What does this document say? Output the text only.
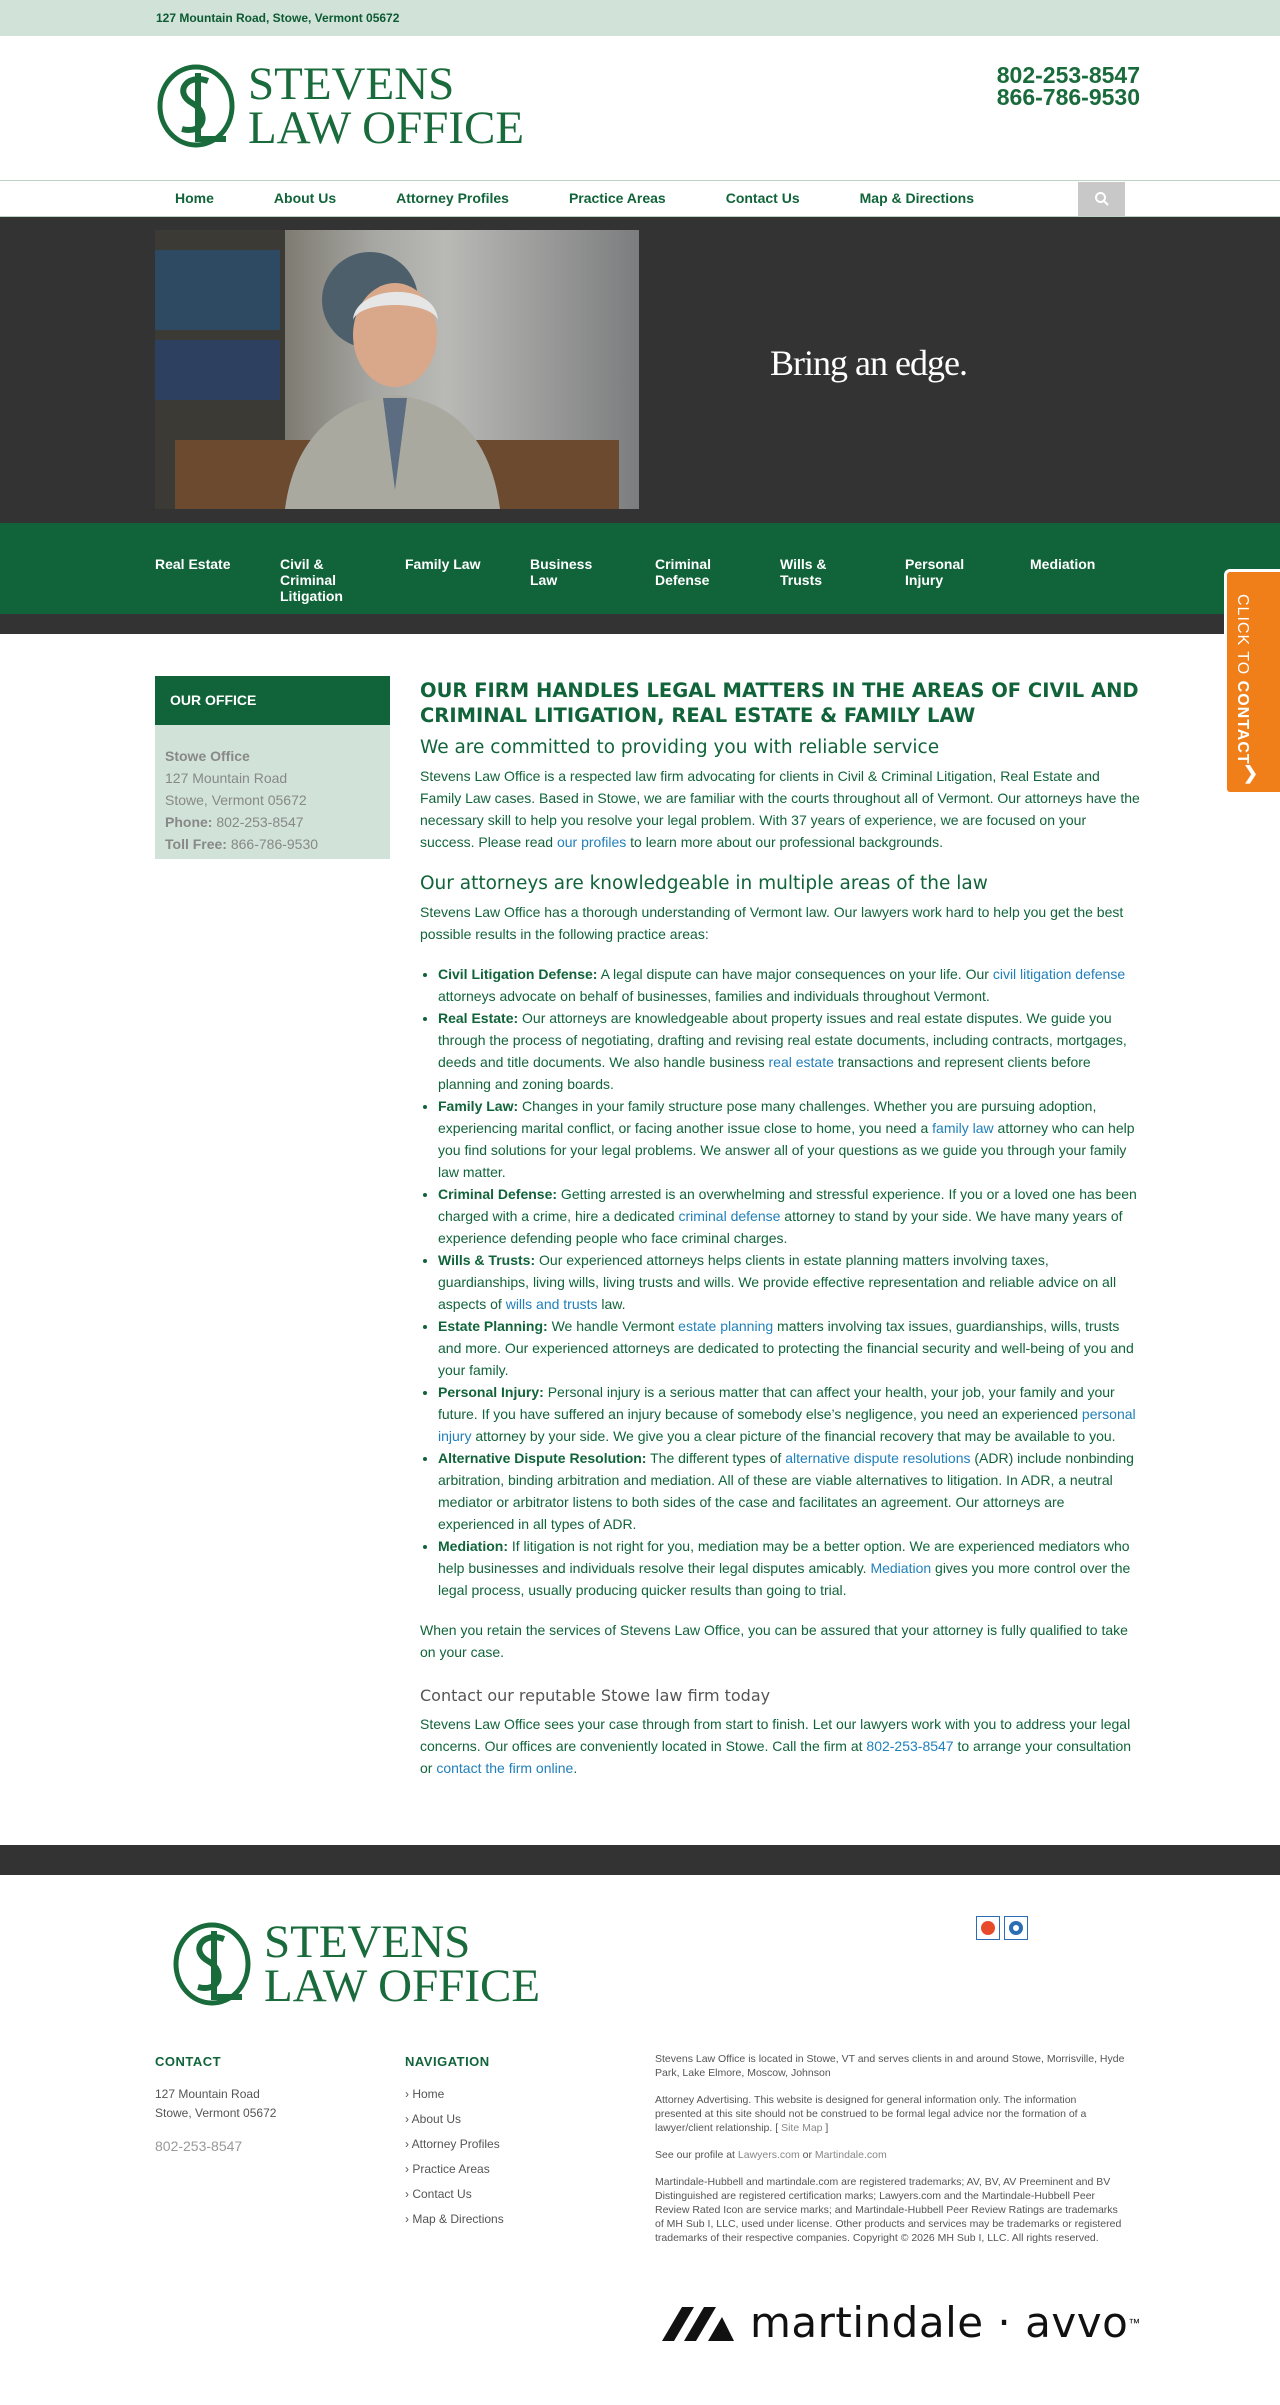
127 Mountain Road, Stowe, Vermont 05672
STEVENS
LAW OFFICE
802-253-8547
866-786-9530
Home	About Us	Attorney Profiles	Practice Areas	Contact Us	Map & Directions
Bring an edge.
Real Estate	Civil & Criminal Litigation
Family Law	Business Law
Criminal Defense
Wills & Trusts
Personal Injury
Mediation
CLICK TO CONTACT
❯
OUR OFFICE
Stowe Office
127 Mountain Road
Stowe, Vermont 05672
Phone: 802-253-8547
Toll Free: 866-786-9530
OUR FIRM HANDLES LEGAL MATTERS IN THE AREAS OF CIVIL AND CRIMINAL LITIGATION, REAL ESTATE & FAMILY LAW
We are committed to providing you with reliable service

Stevens Law Office is a respected law firm advocating for clients in Civil & Criminal Litigation, Real Estate and Family Law cases. Based in Stowe, we are familiar with the courts throughout all of Vermont. Our attorneys have the necessary skill to help you resolve your legal problem. With 37 years of experience, we are focused on your success. Please read our profiles to learn more about our professional backgrounds.

Our attorneys are knowledgeable in multiple areas of the law

Stevens Law Office has a thorough understanding of Vermont law. Our lawyers work hard to help you get the best possible results in the following practice areas:

• Civil Litigation Defense: A legal dispute can have major consequences on your life. Our civil litigation defense attorneys advocate on behalf of businesses, families and individuals throughout Vermont.
• Real Estate: Our attorneys are knowledgeable about property issues and real estate disputes. We guide you through the process of negotiating, drafting and revising real estate documents, including contracts, mortgages, deeds and title documents. We also handle business real estate transactions and represent clients before planning and zoning boards.
• Family Law: Changes in your family structure pose many challenges. Whether you are pursuing adoption, experiencing marital conflict, or facing another issue close to home, you need a family law attorney who can help you find solutions for your legal problems. We answer all of your questions as we guide you through your family law matter.
• Criminal Defense: Getting arrested is an overwhelming and stressful experience. If you or a loved one has been charged with a crime, hire a dedicated criminal defense attorney to stand by your side. We have many years of experience defending people who face criminal charges.
• Wills & Trusts: Our experienced attorneys helps clients in estate planning matters involving taxes, guardianships, living wills, living trusts and wills. We provide effective representation and reliable advice on all aspects of wills and trusts law.
• Estate Planning: We handle Vermont estate planning matters involving tax issues, guardianships, wills, trusts and more. Our experienced attorneys are dedicated to protecting the financial security and well-being of you and your family.
• Personal Injury: Personal injury is a serious matter that can affect your health, your job, your family and your future. If you have suffered an injury because of somebody else’s negligence, you need an experienced personal injury attorney by your side. We give you a clear picture of the financial recovery that may be available to you.
• Alternative Dispute Resolution: The different types of alternative dispute resolutions (ADR) include nonbinding arbitration, binding arbitration and mediation. All of these are viable alternatives to litigation. In ADR, a neutral mediator or arbitrator listens to both sides of the case and facilitates an agreement. Our attorneys are experienced in all types of ADR.
• Mediation: If litigation is not right for you, mediation may be a better option. We are experienced mediators who help businesses and individuals resolve their legal disputes amicably. Mediation gives you more control over the legal process, usually producing quicker results than going to trial.

When you retain the services of Stevens Law Office, you can be assured that your attorney is fully qualified to take on your case.

Contact our reputable Stowe law firm today

Stevens Law Office sees your case through from start to finish. Let our lawyers work with you to address your legal concerns. Our offices are conveniently located in Stowe. Call the firm at 802-253-8547 to arrange your consultation or contact the firm online.

STEVENS
LAW OFFICE
CONTACT
127 Mountain Road
Stowe, Vermont 05672
802-253-8547
NAVIGATION
› Home
› About Us
› Attorney Profiles
› Practice Areas
› Contact Us
› Map & Directions

Stevens Law Office is located in Stowe, VT and serves clients in and around Stowe, Morrisville, Hyde Park, Lake Elmore, Moscow, Johnson

Attorney Advertising. This website is designed for general information only. The information presented at this site should not be construed to be formal legal advice nor the formation of a lawyer/client relationship. [ Site Map ]

See our profile at Lawyers.com or Martindale.com

Martindale-Hubbell and martindale.com are registered trademarks; AV, BV, AV Preeminent and BV Distinguished are registered certification marks; Lawyers.com and the Martindale-Hubbell Peer Review Rated Icon are service marks; and Martindale-Hubbell Peer Review Ratings are trademarks of MH Sub I, LLC, used under license. Other products and services may be trademarks or registered trademarks of their respective companies. Copyright © 2026 MH Sub I, LLC. All rights reserved.

martindale · avvo ™
